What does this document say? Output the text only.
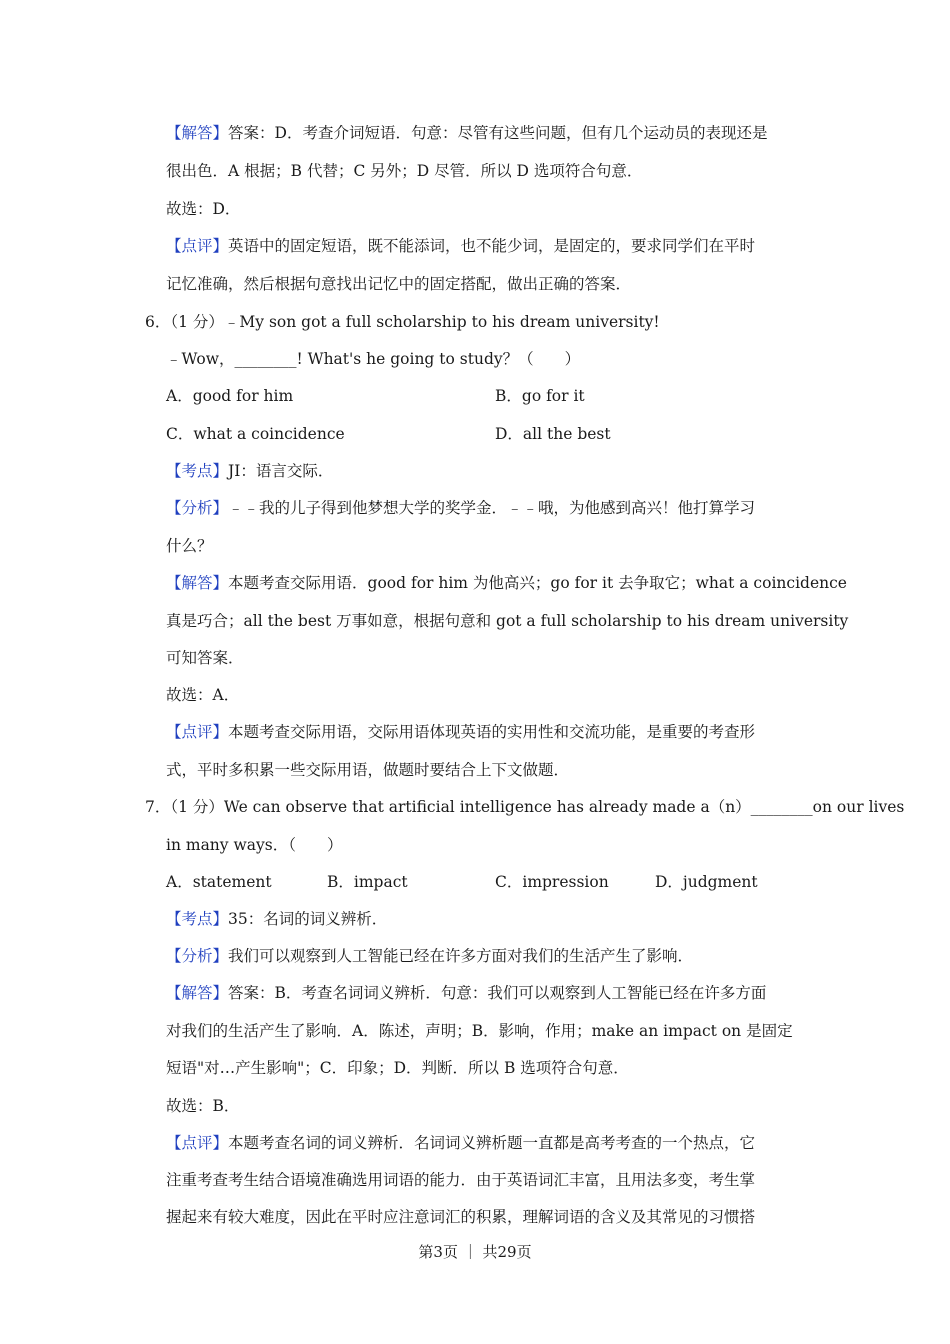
【解答】答案：D．考查介词短语．句意：尽管有这些问题，但有几个运动员的表现还是
很出色．A 根据；B 代替；C 另外；D 尽管．所以 D 选项符合句意．
故选：D．
【点评】英语中的固定短语，既不能添词，也不能少词，是固定的，要求同学们在平时
记忆准确，然后根据句意找出记忆中的固定搭配，做出正确的答案．
6．（1 分）﹣My son got a full scholarship to his dream university!
﹣Wow，________! What's he going to study？（　　）
A．good for him	B．go for it
C．what a coincidence	D．all the best
【考点】JI：语言交际．
【分析】﹣﹣我的儿子得到他梦想大学的奖学金．﹣﹣哦，为他感到高兴！他打算学习
什么？
【解答】本题考查交际用语．good for him 为他高兴；go for it 去争取它；what a coincidence
真是巧合；all the best 万事如意，根据句意和 got a full scholarship to his dream university
可知答案．
故选：A．
【点评】本题考查交际用语，交际用语体现英语的实用性和交流功能，是重要的考查形
式，平时多积累一些交际用语，做题时要结合上下文做题．
7．（1 分）We can observe that artificial intelligence has already made a（n）________on our lives
in many ways．（　　）
A．statement	B．impact	C．impression	D．judgment
【考点】35：名词的词义辨析．
【分析】我们可以观察到人工智能已经在许多方面对我们的生活产生了影响．
【解答】答案：B．考查名词词义辨析．句意：我们可以观察到人工智能已经在许多方面
对我们的生活产生了影响．A．陈述，声明；B．影响，作用；make an impact on 是固定
短语"对…产生影响"；C．印象；D．判断．所以 B 选项符合句意．
故选：B．
【点评】本题考查名词的词义辨析．名词词义辨析题一直都是高考考查的一个热点，它
注重考查考生结合语境准确选用词语的能力．由于英语词汇丰富，且用法多变，考生掌
握起来有较大难度，因此在平时应注意词汇的积累，理解词语的含义及其常见的习惯搭
第3页 ｜ 共29页
